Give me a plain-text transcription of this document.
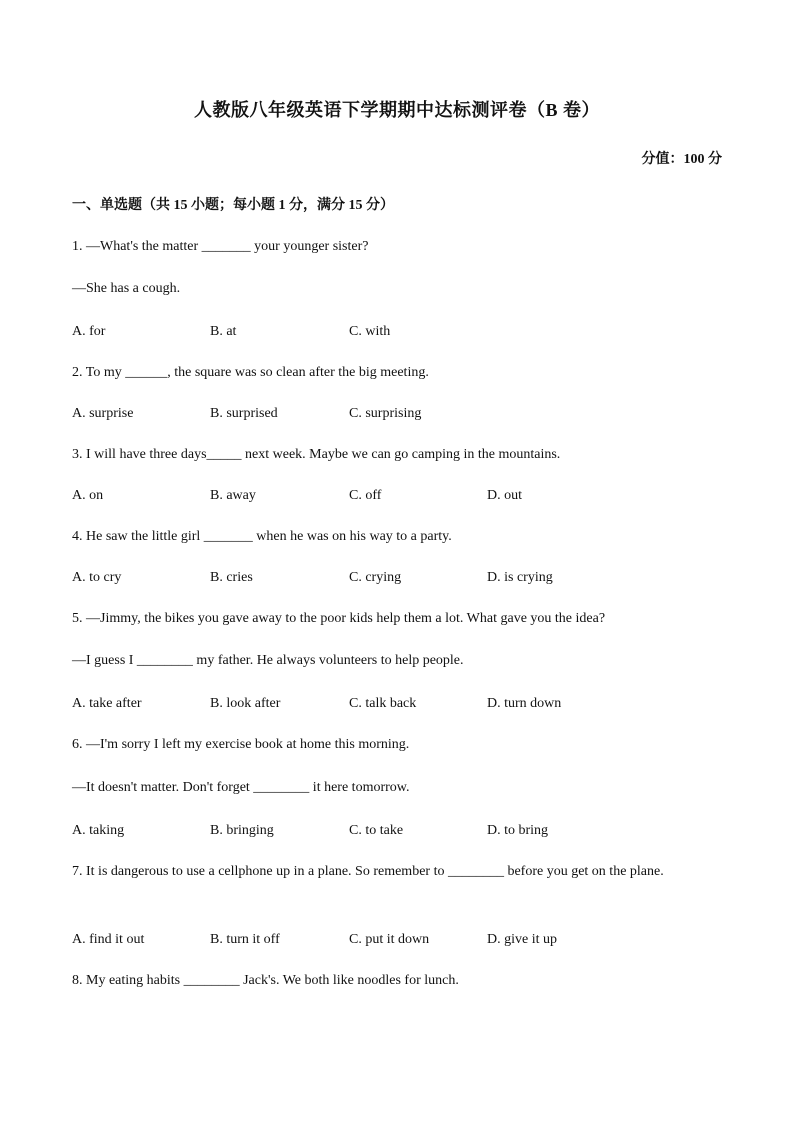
人教版八年级英语下学期期中达标测评卷（B 卷）
分值：100 分
一、单选题（共 15 小题；每小题 1 分，满分 15 分）
1. —What's the matter _______ your younger sister?
—She has a cough.
A. for	B. at	C. with
2. To my ______, the square was so clean after the big meeting.
A. surprise	B. surprised	C. surprising
3. I will have three days_____ next week. Maybe we can go camping in the mountains.
A. on	B. away	C. off	D. out
4. He saw the little girl _______ when he was on his way to a party.
A. to cry	B. cries	C. crying	D. is crying
5. —Jimmy, the bikes you gave away to the poor kids help them a lot. What gave you the idea?
—I guess I ________ my father. He always volunteers to help people.
A. take after	B. look after	C. talk back	D. turn down
6. —I'm sorry I left my exercise book at home this morning.
—It doesn't matter. Don't forget ________ it here tomorrow.
A. taking	B. bringing	C. to take	D. to bring
7. It is dangerous to use a cellphone up in a plane. So remember to ________ before you get on the plane.
A. find it out	B. turn it off	C. put it down	D. give it up
8. My eating habits ________ Jack's. We both like noodles for lunch.
